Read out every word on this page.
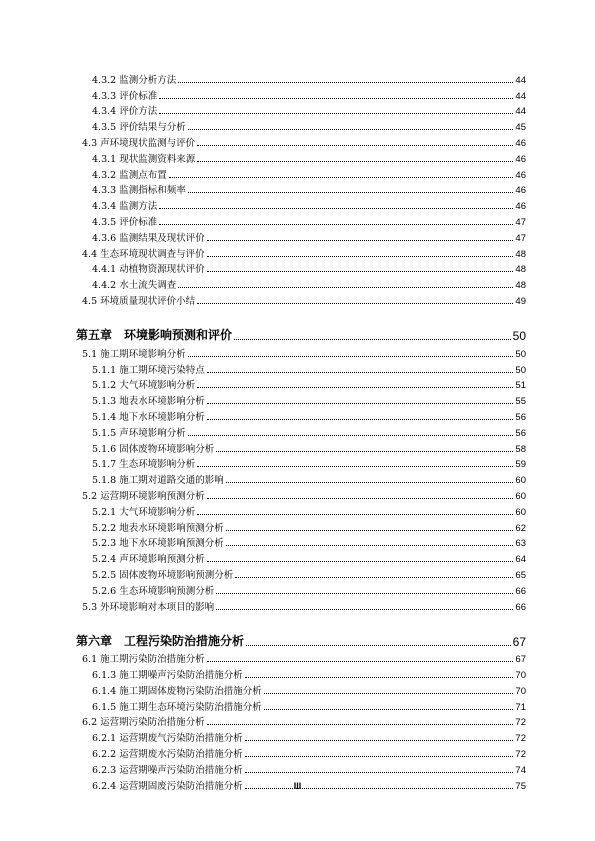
4.3.2 监测分析方法	44
4.3.3 评价标准	44
4.3.4 评价方法	44
4.3.5 评价结果与分析	45
4.3 声环境现状监测与评价	46
4.3.1 现状监测资料来源	46
4.3.2 监测点布置	46
4.3.3 监测指标和频率	46
4.3.4 监测方法	46
4.3.5 评价标准	47
4.3.6 监测结果及现状评价	47
4.4 生态环境现状调查与评价	48
4.4.1 动植物资源现状评价	48
4.4.2 水土流失调查	48
4.5 环境质量现状评价小结	49
第五章　环境影响预测和评价	50
5.1 施工期环境影响分析	50
5.1.1 施工期环境污染特点	50
5.1.2 大气环境影响分析	51
5.1.3 地表水环境影响分析	55
5.1.4 地下水环境影响分析	56
5.1.5 声环境影响分析	56
5.1.6 固体废物环境影响分析	58
5.1.7 生态环境影响分析	59
5.1.8 施工期对道路交通的影响	60
5.2 运营期环境影响预测分析	60
5.2.1 大气环境影响分析	60
5.2.2 地表水环境影响预测分析	62
5.2.3 地下水环境影响预测分析	63
5.2.4 声环境影响预测分析	64
5.2.5 固体废物环境影响预测分析	65
5.2.6 生态环境影响预测分析	66
5.3 外环境影响对本项目的影响	66
第六章　工程污染防治措施分析	67
6.1 施工期污染防治措施分析	67
6.1.3 施工期噪声污染防治措施分析	70
6.1.4 施工期固体废物污染防治措施分析	70
6.1.5 施工期生态环境污染防治措施分析	71
6.2 运营期污染防治措施分析	72
6.2.1 运营期废气污染防治措施分析	72
6.2.2 运营期废水污染防治措施分析	72
6.2.3 运营期噪声污染防治措施分析	74
6.2.4 运营期固废污染防治措施分析	75
III
